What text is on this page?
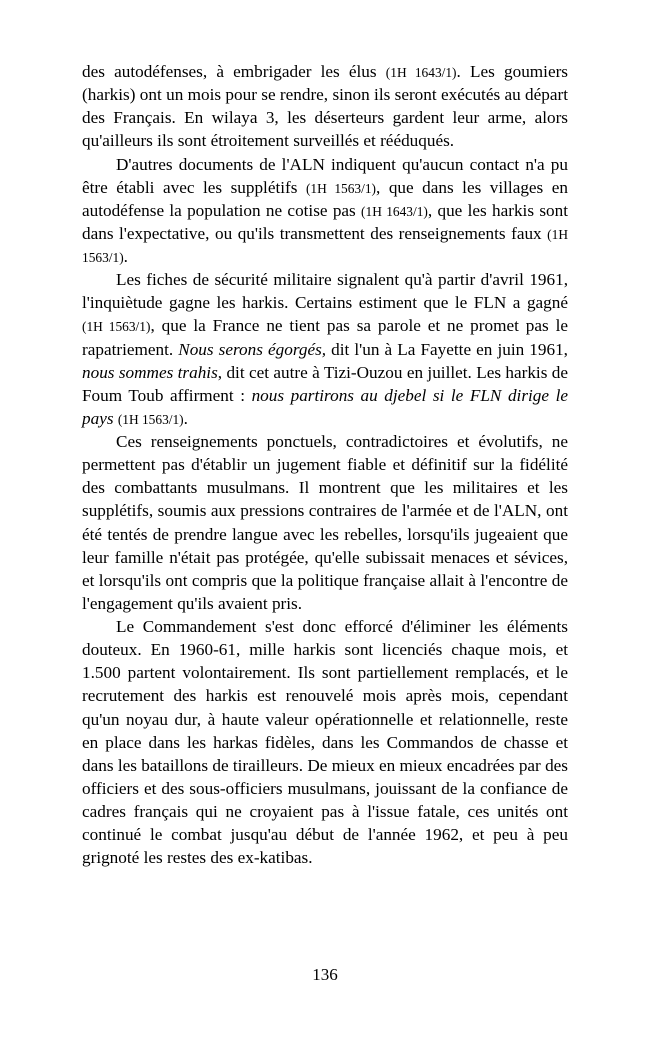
des autodéfenses, à embrigader les élus (1H 1643/1). Les goumiers (harkis) ont un mois pour se rendre, sinon ils seront exécutés au départ des Français. En wilaya 3, les déserteurs gardent leur arme, alors qu'ailleurs ils sont étroitement surveillés et rééduqués.

D'autres documents de l'ALN indiquent qu'aucun contact n'a pu être établi avec les supplétifs (1H 1563/1), que dans les villages en autodéfense la population ne cotise pas (1H 1643/1), que les harkis sont dans l'expectative, ou qu'ils transmettent des renseignements faux (1H 1563/1).

Les fiches de sécurité militaire signalent qu'à partir d'avril 1961, l'inquiètude gagne les harkis. Certains estiment que le FLN a gagné (1H 1563/1), que la France ne tient pas sa parole et ne promet pas le rapatriement. Nous serons égorgés, dit l'un à La Fayette en juin 1961, nous sommes trahis, dit cet autre à Tizi-Ouzou en juillet. Les harkis de Foum Toub affirment : nous partirons au djebel si le FLN dirige le pays (1H 1563/1).

Ces renseignements ponctuels, contradictoires et évolutifs, ne permettent pas d'établir un jugement fiable et définitif sur la fidélité des combattants musulmans. Il montrent que les militaires et les supplétifs, soumis aux pressions contraires de l'armée et de l'ALN, ont été tentés de prendre langue avec les rebelles, lorsqu'ils jugeaient que leur famille n'était pas protégée, qu'elle subissait menaces et sévices, et lorsqu'ils ont compris que la politique française allait à l'encontre de l'engagement qu'ils avaient pris.

Le Commandement s'est donc efforcé d'éliminer les éléments douteux. En 1960-61, mille harkis sont licenciés chaque mois, et 1.500 partent volontairement. Ils sont partiellement remplacés, et le recrutement des harkis est renouvelé mois après mois, cependant qu'un noyau dur, à haute valeur opérationnelle et relationnelle, reste en place dans les harkas fidèles, dans les Commandos de chasse et dans les bataillons de tirailleurs. De mieux en mieux encadrées par des officiers et des sous-officiers musulmans, jouissant de la confiance de cadres français qui ne croyaient pas à l'issue fatale, ces unités ont continué le combat jusqu'au début de l'année 1962, et peu à peu grignoté les restes des ex-katibas.

136
